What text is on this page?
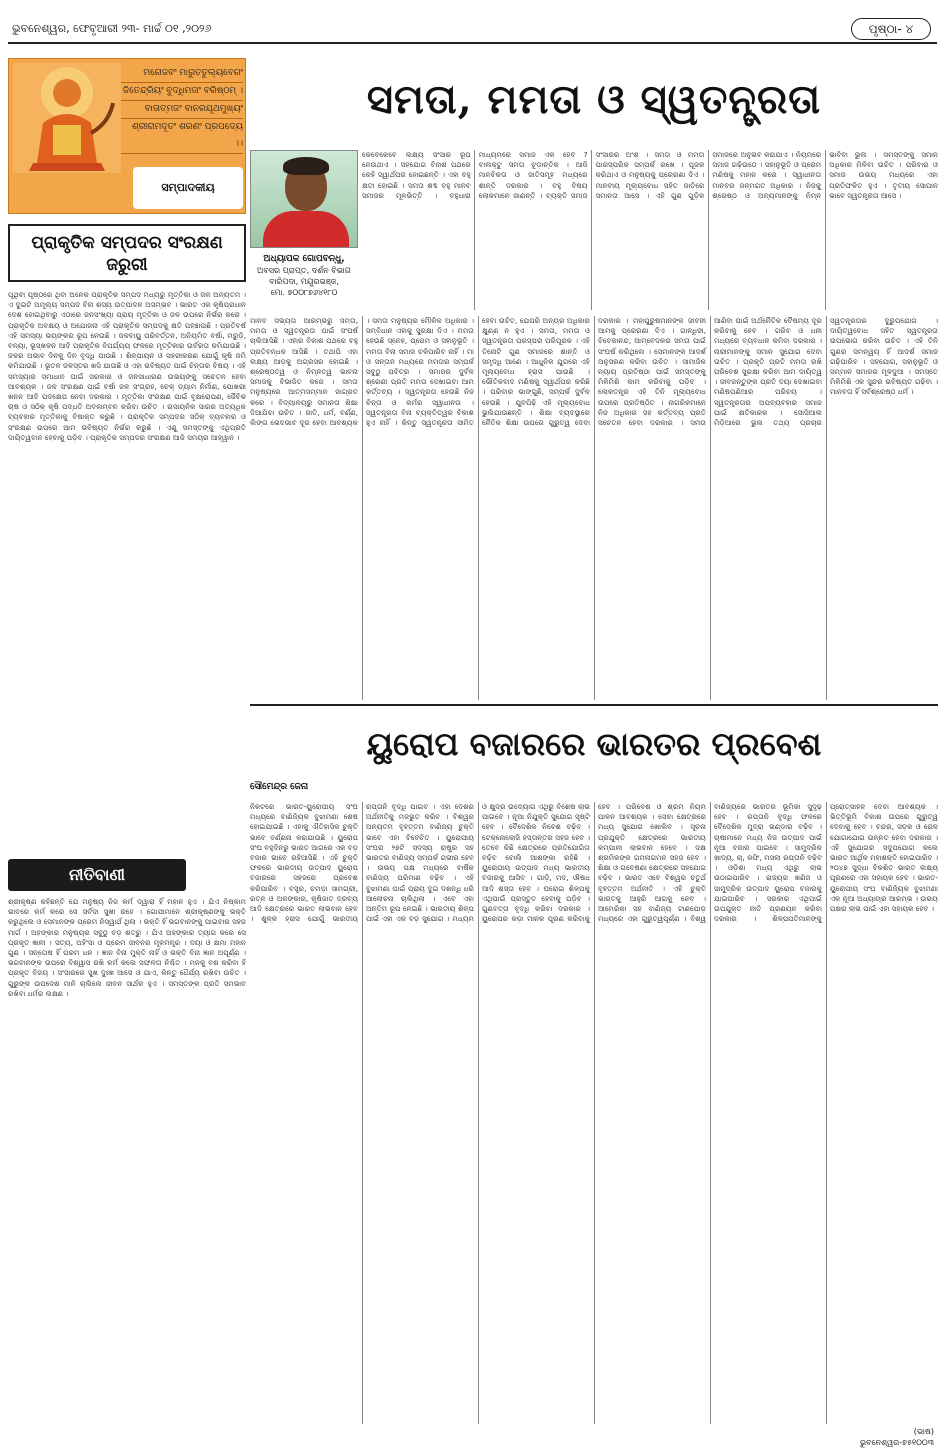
ଭୁବନେଶ୍ୱର, ଫେବୃଆରୀ ୨୩- ମାର୍ଚ୍ଚ ୦୧ ,୨୦୨୬	ପୃଷ୍ଠା- ୪
ମନୋଜବଂ ମାରୁତତୁଲ୍ୟବେଗଂ
ଜିତେନ୍ଦ୍ରିୟଂ ବୁଦ୍ଧିମତାଂ ବରିଷ୍ଠମ୍ ।
ବାତାତ୍ମଜଂ ବାନରଯୂଥମୁଖ୍ୟଂ
ଶ୍ରୀରାମଦୂତଂ ଶରଣଂ ପ୍ରପଦ୍ୟେ ।।
ସମ୍ପାଦକୀୟ
ପ୍ରାକୃତିକ ସମ୍ପଦର ସଂରକ୍ଷଣ ଜରୁରୀ
ପୃଥିବୀ ପୃଷ୍ଠରେ ଥିବା ଅନେକ ପ୍ରାକୃତିକ ସମ୍ପଦ ମଧ୍ୟରୁ ମୃତ୍ତିକା ଓ ଜଳ ଅନ୍ୟତମ । ଏ ଦୁଇଟି ଅମୂଲ୍ୟ ସମ୍ପଦ ବିନା ଶସ୍ୟ ଉତ୍ପାଦନ ଅସମ୍ଭବ । ଭାରତ ଏକ କୃଷିପ୍ରଧାନ ଦେଶ ହୋଇଥିବାରୁ ଏଠାରେ ଜନସଂଖ୍ୟା ପ୍ରାୟ ମୃତ୍ତିକା ଓ ଜଳ ଉପରେ ନିର୍ଭର କରେ । ପ୍ରାକୃତିକ ଅବକ୍ଷୟ ଓ ଅଯୋଜନା ଏହି ପ୍ରାକୃତିକ ସମ୍ପଦକୁ କ୍ଷତି ପହଞ୍ଚାଉଛି । ପ୍ରତିବର୍ଷ ଏହି ସମସ୍ୟା ଭୟଙ୍କର ରୂପ ନେଉଛି । ଜଳବାୟୁ ପରିବର୍ତ୍ତନ, ଅନିୟମିତ ବର୍ଷା, ମରୁଡ଼ି, ବନ୍ୟା, ଭୂସ୍ଖଳନ ଆଦି ପ୍ରାକୃତିକ ବିପର୍ଯ୍ୟୟ ଫଳରେ ମୃତ୍ତିକାର ଉର୍ବରତା କମିଯାଉଛି । ଜଳର ଅଭାବ ଦିନକୁ ଦିନ ବୃଦ୍ଧି ପାଉଛି । ଶିଳ୍ପାୟନ ଓ ସହରୀକରଣ ଯୋଗୁଁ କୃଷି ଜମି କମିଯାଉଛି । ଭୂତଳ ଜଳସ୍ତର ଖସି ଯାଉଛି ଓ ଏହା ଭବିଷ୍ୟତ ପାଇଁ ଚିନ୍ତାର ବିଷୟ । ଏହି ସମସ୍ୟାର ସମାଧାନ ପାଇଁ ସରକାର ଓ ଜନସାଧାରଣ ଉଭୟଙ୍କୁ ସଚେତନ ହେବା ଆବଶ୍ୟକ । ଜଳ ସଂରକ୍ଷଣ ପାଇଁ ବର୍ଷା ଜଳ ସଂଗ୍ରହ, ଚେକ୍ ଡ୍ୟାମ ନିର୍ମାଣ, ପୋଖରୀ ଖନନ ଆଦି ପଦକ୍ଷେପ ନେବା ଦରକାର । ମୃତ୍ତିକା ସଂରକ୍ଷଣ ପାଇଁ ବୃକ୍ଷରୋପଣ, ଜୈବିକ ଚାଷ ଓ ସଠିକ୍ କୃଷି ପଦ୍ଧତି ଅବଲମ୍ବନ କରିବା ଉଚିତ । ରାସାୟନିକ ସାରର ଅତ୍ୟଧିକ ବ୍ୟବହାର ମୃତ୍ତିକାକୁ ବିଷାକ୍ତ କରୁଛି । ପ୍ରାକୃତିକ ସମ୍ପଦର ସଠିକ୍ ବ୍ୟବହାର ଓ ସଂରକ୍ଷଣ ଉପରେ ଆମ ଭବିଷ୍ୟତ ନିର୍ଭର କରୁଛି । ଏଣୁ ସମସ୍ତଙ୍କୁ ଏଥିପ୍ରତି ଦାୟିତ୍ୱବାନ ହେବାକୁ ପଡ଼ିବ । ପ୍ରାକୃତିକ ସମ୍ପଦର ସଂରକ୍ଷଣ ଆଜି ସମୟର ଆହ୍ୱାନ ।
ନୀତିବାଣୀ
ଶ୍ରୀକୃଷ୍ଣ କହିଛନ୍ତି ଯେ ମନୁଷ୍ୟ ନିଜ କର୍ମ ଦ୍ୱାରା ହିଁ ମହାନ ହୁଏ । ଯିଏ ନିଷ୍କାମ ଭାବରେ କର୍ମ କରେ ସେ ସର୍ବଦା ସୁଖୀ ରହେ । ଗୋପୀମାନେ ଶ୍ରୀକୃଷ୍ଣଙ୍କୁ ଭକ୍ତି କରୁଥିଲେ ଓ ସେମାନଙ୍କ ପ୍ରେମ ନିସ୍ୱାର୍ଥ ଥିଲା । ଭକ୍ତି ହିଁ ଭଗବାନଙ୍କୁ ପାଇବାର ସହଜ ମାର୍ଗ । ଅହଙ୍କାର ମନୁଷ୍ୟର ସବୁଠୁ ବଡ଼ ଶତ୍ରୁ । ଯିଏ ଅହଙ୍କାର ତ୍ୟାଗ କରେ ସେ ପ୍ରକୃତ ଜ୍ଞାନୀ । ସତ୍ୟ, ଅହିଂସା ଓ ପ୍ରେମ ଜୀବନର ମୂଳମନ୍ତ୍ର । ଦୟା ଓ କ୍ଷମା ମହାନ ଗୁଣ । ସନ୍ତୋଷ ହିଁ ପରମ ଧନ । ଜ୍ଞାନ ବିନା ମୁକ୍ତି ନାହିଁ ଓ ଭକ୍ତି ବିନା ଜ୍ଞାନ ଅପୂର୍ଣ୍ଣ । ଭଗବାନଙ୍କ ଉପରେ ବିଶ୍ୱାସ ରଖି କର୍ମ କଲେ ସଫଳତା ନିଶ୍ଚିତ । ମନକୁ ବଶ କରିବା ହିଁ ପ୍ରକୃତ ବିଜୟ । ସଂସାରରେ ସୁଖ ଦୁଃଖ ଆସେ ଓ ଯାଏ, କିନ୍ତୁ ଧୈର୍ଯ୍ୟ ରଖିବା ଉଚିତ । ଗୁରୁଙ୍କ ଉପଦେଶ ମାନି ଚାଲିଲେ ଜୀବନ ସାର୍ଥକ ହୁଏ । ସମସ୍ତଙ୍କ ପ୍ରତି ସମଭାବ ରଖିବା ଧର୍ମର ଲକ୍ଷଣ ।
ସମତା, ମମତା ଓ ସ୍ୱତନ୍ତ୍ରତା
ଅଧ୍ୟାପକ ଗୋପବନ୍ଧୁ,
ଅବସର ପ୍ରାପ୍ତ, ଦର୍ଶନ ବିଭାଗ
ବାରିପଦା, ମୟୂରଭଞ୍ଜ,
ମୋ. ୭୦୦୮୭୬୪୧୮୦
କେବେକେବେ ଲକ୍ଷ୍ୟ ସଂସାର ରୂପ ନେଉଥାଏ । ସହଯୋଗ ବିନାଶ ପଥରେ କେହି ସ୍ୱାର୍ଥପର ହୋଇଛନ୍ତି । ଏହା ବହୁ କ୍ଷତୀ ହୋଇଛି । ସମତା ଶବ୍ଦ ବହୁ ମାନବ ସମାଜର ମୂଳଭିତ୍ତି । ବହୁଧାରା ମାଧ୍ୟମରେ ସମାଜ ଏକ ହେବ ? ବାଲକ୍ଟୁ ସମତା ଚୂଡ଼ାନ୍ତିକ । ଆଜି ମାନବିକତା ଓ ଜାତିସମୂହ ମଧ୍ୟରେ ଶାନ୍ତି ଦରକାର । ବହୁ ବିଷୟ ଲୋକମାନେ ଜାଣନ୍ତି । ବ୍ୟକ୍ତି ସମାଜ ସଂସାରର ଅଂଶ । ସମତା ଓ ମମତା ପାରସ୍ପରିକ ସମ୍ପର୍କ ରଖେ । ପୂଜକ କରିଥାଏ ଓ ମନୁଷ୍ୟକୁ ପ୍ରେରଣା ଦିଏ । ମାନବୀୟ ମୂଲ୍ୟବୋଧ ସହିତ ଜାତିରେ ସମାନତା ଆସେ । ଏହି ଗୁଣ ଗୁଡ଼ିକ ସମାଜରେ ଅନୁଭବ କରାଯାଏ । ନିୟମରେ ସମାଜ ଗଢ଼ିଉଠେ । ସହାନୁଭୂତି ଓ ପ୍ରେମ ମଣିଷକୁ ମହାନ କରେ । ସ୍ୱାଧୀନତା ମାନବର ଜନ୍ମଗତ ଅଧିକାର । ନିଜକୁ ଶ୍ରେଷ୍ଠ ଓ ଅନ୍ୟମାନଙ୍କୁ ନିମ୍ନ ଭାବିବା ଭୁଲ । ସମସ୍ତଙ୍କୁ ସମାନ ଅଧିକାର ମିଳିବା ଉଚିତ । ପରିବାର ଓ ସମାଜ ଉଭୟ ମଧ୍ୟରେ ଏହା ପ୍ରତିଫଳିତ ହୁଏ । ତୃତୀୟ ସୋପାନ ଭାବେ ସ୍ୱତନ୍ତ୍ରତା ଆସେ ।
ମାନବ ସଭ୍ୟତା ଆରମ୍ଭରୁ ସମତା, ମମତା ଓ ସ୍ୱତନ୍ତ୍ରତା ପାଇଁ ସଂଘର୍ଷ ଚାଲିଆସିଛି । ଏହାର ବିକାଶ ପଥରେ ବହୁ ପ୍ରତିବନ୍ଧକ ଆସିଛି । ତଥାପି ଏହା ଲକ୍ଷ୍ୟ ଆଡ଼କୁ ଅଗ୍ରସର ହୋଇଛି । ଶ୍ରେଷ୍ଠତ୍ୱ ଓ ନିମ୍ନତ୍ୱ ଭାବନା ସମାଜକୁ ବିଭାଜିତ କରେ । ସମତା ମନୁଷ୍ୟରେ ଆତ୍ମସମ୍ମାନ ଜାଗ୍ରତ କରେ । ବିଦ୍ୟାଳୟରୁ ସମାନତା ଶିକ୍ଷା ଦିଆଯିବା ଉଚିତ । ଜାତି, ଧର୍ମ, ବର୍ଣ୍ଣ, ଲିଙ୍ଗ ଭେଦଭାବ ଦୂର ହେବା ଆବଶ୍ୟକ । ସମତା ମନୁଷ୍ୟର ମୌଳିକ ଅଧିକାର । ସମ୍ବିଧାନ ଏହାକୁ ସୁରକ୍ଷା ଦିଏ । ମମତା ହେଉଛି ସ୍ନେହ, ପ୍ରେମ ଓ ସହାନୁଭୂତି । ମମତା ବିନା ସମାଜ ଚଳିପାରିବ ନାହିଁ । ମା ଓ ସନ୍ତାନ ମଧ୍ୟରେ ମମତାର ସମ୍ପର୍କ ସବୁଠୁ ପବିତ୍ର । ସମାଜର ଦୁର୍ବଳ ଶ୍ରେଣୀ ପ୍ରତି ମମତା ଦେଖାଇବା ଆମ କର୍ତ୍ତବ୍ୟ । ସ୍ୱତନ୍ତ୍ରତା ହେଉଛି ନିଜ ଚିନ୍ତା ଓ କର୍ମର ସ୍ୱାଧୀନତା । ସ୍ୱତନ୍ତ୍ରତା ବିନା ବ୍ୟକ୍ତିତ୍ୱର ବିକାଶ ହୁଏ ନାହିଁ । କିନ୍ତୁ ସ୍ୱତନ୍ତ୍ରତା ସୀମିତ ହେବା ଉଚିତ, ଯେପରି ଅନ୍ୟର ଅଧିକାର କ୍ଷୁଣ୍ଣ ନ ହୁଏ । ସମତା, ମମତା ଓ ସ୍ୱତନ୍ତ୍ରତା ପରସ୍ପର ପରିପୂରକ । ଏହି ତିନୋଟି ଗୁଣ ସମାଜରେ ଶାନ୍ତି ଓ ସମୃଦ୍ଧି ଆଣେ । ଆଧୁନିକ ଯୁଗରେ ଏହି ମୂଲ୍ୟବୋଧ ହ୍ରାସ ପାଉଛି । ଭୌତିକବାଦ ମଣିଷକୁ ସ୍ୱାର୍ଥପର କରିଛି । ପରିବାର ଭାଙ୍ଗୁଛି, ସମ୍ପର୍କ ଦୁର୍ବଳ ହେଉଛି । ଯୁବପିଢ଼ି ଏହି ମୂଲ୍ୟବୋଧ ଭୁଲିଯାଉଛନ୍ତି । ଶିକ୍ଷା ବ୍ୟବସ୍ଥାରେ ନୈତିକ ଶିକ୍ଷା ଉପରେ ଗୁରୁତ୍ୱ ଦେବା ଦରକାର । ମହାପୁରୁଷମାନଙ୍କ ଜୀବନୀ ଆମକୁ ପ୍ରେରଣା ଦିଏ । ଗାନ୍ଧିଜୀ, ବିବେକାନନ୍ଦ, ଆମ୍ବେଦକର ସମତା ପାଇଁ ସଂଘର୍ଷ କରିଥିଲେ । ସେମାନଙ୍କ ଆଦର୍ଶ ଅନୁସରଣ କରିବା ଉଚିତ । ସାମାଜିକ ନ୍ୟାୟ ପ୍ରତିଷ୍ଠା ପାଇଁ ସମସ୍ତଙ୍କୁ ମିଳିମିଶି କାମ କରିବାକୁ ପଡ଼ିବ । ଲୋକତନ୍ତ୍ର ଏହି ତିନି ମୂଲ୍ୟବୋଧ ଉପରେ ପ୍ରତିଷ୍ଠିତ । ନାଗରିକମାନେ ନିଜ ଅଧିକାର ସହ କର୍ତ୍ତବ୍ୟ ପ୍ରତି ସଚେତନ ହେବା ଦରକାର । ସମତା ଆଣିବା ପାଇଁ ଅର୍ଥନୈତିକ ବୈଷମ୍ୟ ଦୂର କରିବାକୁ ହେବ । ଗରିବ ଓ ଧନୀ ମଧ୍ୟରେ ବ୍ୟବଧାନ କମିବା ଦରକାର । ନାରୀମାନଙ୍କୁ ସମାନ ସୁଯୋଗ ଦେବା ଉଚିତ । ପ୍ରକୃତି ପ୍ରତି ମମତା ରଖି ପରିବେଶ ସୁରକ୍ଷା କରିବା ଆମ ଦାୟିତ୍ୱ । ଜୀବଜନ୍ତୁଙ୍କ ପ୍ରତି ଦୟା ଦେଖାଇବା ମଣିଷପଣିଆର ପରିଚୟ । ସ୍ୱତନ୍ତ୍ରତାର ଅପବ୍ୟବହାର ସମାଜ ପାଇଁ କ୍ଷତିକାରକ । ସୋସିଆଲ ମିଡ଼ିଆରେ ଭୁଲ ତଥ୍ୟ ପ୍ରଚାର ସ୍ୱତନ୍ତ୍ରତାର ଦୁରୁପଯୋଗ । ଦାୟିତ୍ୱବୋଧ ସହିତ ସ୍ୱତନ୍ତ୍ରତା ଉପଭୋଗ କରିବା ଉଚିତ । ଏହି ତିନି ଗୁଣର ସମନ୍ୱୟ ହିଁ ଆଦର୍ଶ ସମାଜ ଗଢ଼ିପାରିବ । ସହଯୋଗ, ସହାନୁଭୂତି ଓ ସମ୍ମାନ ସମାଜର ମୂଳଦୁଆ । ସମସ୍ତେ ମିଳିମିଶି ଏକ ସୁନ୍ଦର ଭବିଷ୍ୟତ ଗଢ଼ିବା । ମାନବତା ହିଁ ସର୍ବଶ୍ରେଷ୍ଠ ଧର୍ମ ।
ୟୁରୋପ ବଜାରରେ ଭାରତର ପ୍ରବେଶ
ସୌମେନ୍ଦ୍ର ଜେନା
ନିକଟରେ ଭାରତ-ୟୁରୋପୀୟ ସଂଘ ମଧ୍ୟରେ ବାଣିଜ୍ୟିକ ବୁଝାମଣା ଶେଷ ହୋଇଯାଇଛି । ଏହାକୁ ଐତିହାସିକ ଚୁକ୍ତି ଭାବେ ବର୍ଣ୍ଣନା କରାଯାଉଛି । ୟୁରୋପ ସଂଘ ବହୁଦିନରୁ ଭାରତ ଆଗରେ ଏକ ବଡ଼ ବଜାର ଭାବେ ରହିଆସିଛି । ଏହି ଚୁକ୍ତି ଫଳରେ ଭାରତୀୟ ଉତ୍ପାଦ ୟୁରୋପ ବଜାରରେ ସହଜରେ ପ୍ରବେଶ କରିପାରିବ । ବସ୍ତ୍ର, ଚମଡ଼ା ସାମଗ୍ରୀ, ରତ୍ନ ଓ ଅଳଙ୍କାର, କୃଷିଜାତ ଦ୍ରବ୍ୟ ଆଦି କ୍ଷେତ୍ରରେ ଭାରତ ଲାଭବାନ ହେବ । ଶୁଳ୍କ ହ୍ରାସ ଯୋଗୁଁ ଭାରତୀୟ ରପ୍ତାନି ବୃଦ୍ଧି ପାଇବ । ଏହା ଦେଶର ଅର୍ଥନୀତିକୁ ମଜଭୁତ କରିବ । ବିଶ୍ୱର ଅନ୍ୟତମ ବୃହତ୍ତମ ବାଣିଜ୍ୟ ଚୁକ୍ତି ଭାବେ ଏହା ବିବେଚିତ । ୟୁରୋପୀୟ ସଂଘର ୨୭ଟି ସଦସ୍ୟ ରାଷ୍ଟ୍ର ସହ ଭାରତର ବାଣିଜ୍ୟ ସମ୍ପର୍କ ଗଭୀର ହେବ । ଉଭୟ ପକ୍ଷ ମଧ୍ୟରେ ବାର୍ଷିକ ବାଣିଜ୍ୟ ପରିମାଣ ବଢ଼ିବ । ଏହି ବୁଝାମଣା ପାଇଁ ପ୍ରାୟ ଦୁଇ ଦଶନ୍ଧି ଧରି ଆଲୋଚନା ଚାଲିଥିଲା । ଏବେ ଏହା ଅନ୍ତିମ ରୂପ ନେଇଛି । ଭାରତୀୟ ଶିଳ୍ପ ପାଇଁ ଏହା ଏକ ବଡ଼ ସୁଯୋଗ । ମଧ୍ୟମ ଓ କ୍ଷୁଦ୍ର ଉଦ୍ୟୋଗ ଏଥିରୁ ବିଶେଷ ଲାଭ ପାଇବେ । ନୂଆ ନିଯୁକ୍ତି ସୁଯୋଗ ସୃଷ୍ଟି ହେବ । ବୈଦେଶିକ ନିବେଶ ବଢ଼ିବ । ଟେକ୍ନୋଲୋଜି ହସ୍ତାନ୍ତର ସହଜ ହେବ । ତେବେ କିଛି କ୍ଷେତ୍ରରେ ପ୍ରତିଯୋଗିତା ବଢ଼ିବ ବୋଲି ଆଶଙ୍କା ରହିଛି । ୟୁରୋପୀୟ ଉତ୍ପାଦ ମଧ୍ୟ ଭାରତୀୟ ବଜାରକୁ ଆସିବ । ଗାଡ଼ି, ମଦ, ଔଷଧ ଆଦି ଶସ୍ତା ହେବ । ଘରୋଇ ଶିଳ୍ପକୁ ଏଥିପାଇଁ ପ୍ରସ୍ତୁତ ହେବାକୁ ପଡ଼ିବ । ଗୁଣବତ୍ତା ବୃଦ୍ଧି କରିବା ଦରକାର । ୟୁରୋପର କଡ଼ା ମାନକ ପୂରଣ କରିବାକୁ ହେବ । ପରିବେଶ ଓ ଶ୍ରମ ନିୟମ ପାଳନ ଆବଶ୍ୟକ । ସେବା କ୍ଷେତ୍ରରେ ମଧ୍ୟ ସୁଯୋଗ ଖୋଲିବ । ସୂଚନା ପ୍ରଯୁକ୍ତି କ୍ଷେତ୍ରରେ ଭାରତୀୟ କମ୍ପାନୀ ଲାଭବାନ ହେବେ । ଦକ୍ଷ ଶ୍ରମିକଙ୍କ ଗମନାଗମନ ସହଜ ହେବ । ଶିକ୍ଷା ଓ ଗବେଷଣା କ୍ଷେତ୍ରରେ ସହଯୋଗ ବଢ଼ିବ । ଭାରତ ଏବେ ବିଶ୍ୱର ଚତୁର୍ଥ ବୃହତ୍ତମ ଅର୍ଥନୀତି । ଏହି ଚୁକ୍ତି ଭାରତକୁ ଆହୁରି ଆଗକୁ ନେବ । ଆମେରିକା ସହ ବାଣିଜ୍ୟ ଟାଣପୋଡ଼ ମଧ୍ୟରେ ଏହା ଗୁରୁତ୍ୱପୂର୍ଣ୍ଣ । ବିଶ୍ୱ ବାଣିଜ୍ୟରେ ଭାରତର ଭୂମିକା ସୁଦୃଢ଼ ହେବ । ରପ୍ତାନି ବୃଦ୍ଧି ଫଳରେ ବୈଦେଶିକ ମୁଦ୍ରା ଭଣ୍ଡାର ବଢ଼ିବ । ଚାଷୀମାନେ ମଧ୍ୟ ନିଜ ଉତ୍ପାଦ ପାଇଁ ନୂଆ ବଜାର ପାଇବେ । ସାମୁଦ୍ରିକ ଖାଦ୍ୟ, ଚା, କଫି, ମସଲା ରପ୍ତାନି ବଢ଼ିବ । ଓଡ଼ିଶା ମଧ୍ୟ ଏଥିରୁ ଲାଭ ଉଠାଇପାରିବ । ରାଜ୍ୟର ଖଣିଜ ଓ ସାମୁଦ୍ରିକ ଉତ୍ପାଦ ୟୁରୋପ ବଜାରକୁ ଯାଇପାରିବ । ସରକାର ଏଥିପାଇଁ ଉପଯୁକ୍ତ ନୀତି ପ୍ରଣୟନ କରିବା ଦରକାର । ଶିଳ୍ପପତିମାନଙ୍କୁ ପ୍ରୋତ୍ସାହନ ଦେବା ଆବଶ୍ୟକ । ଭିତ୍ତିଭୂମି ବିକାଶ ଉପରେ ଗୁରୁତ୍ୱ ଦେବାକୁ ହେବ । ବନ୍ଦର, ସଡ଼କ ଓ ରେଳ ଯୋଗାଯୋଗ ଉନ୍ନତ ହେବା ଦରକାର । ଏହି ସୁଯୋଗର ସଦୁପଯୋଗ କଲେ ଭାରତ ଆର୍ଥିକ ମହାଶକ୍ତି ହୋଇପାରିବ । ୨୦୪୭ ସୁଦ୍ଧା ବିକଶିତ ଭାରତ ଲକ୍ଷ୍ୟ ପୂରଣରେ ଏହା ସହାୟକ ହେବ । ଭାରତ-ୟୁରୋପୀୟ ସଂଘ ବାଣିଜ୍ୟିକ ବୁଝାମଣା ଏକ ନୂଆ ଅଧ୍ୟାୟର ଆରମ୍ଭ । ଉଭୟ ପକ୍ଷର ଲାଭ ପାଇଁ ଏହା ସହାୟକ ହେବ ।
(ଭାଷ)
ଭୁବନେଶ୍ୱର-୭୫୧୦୦୩
